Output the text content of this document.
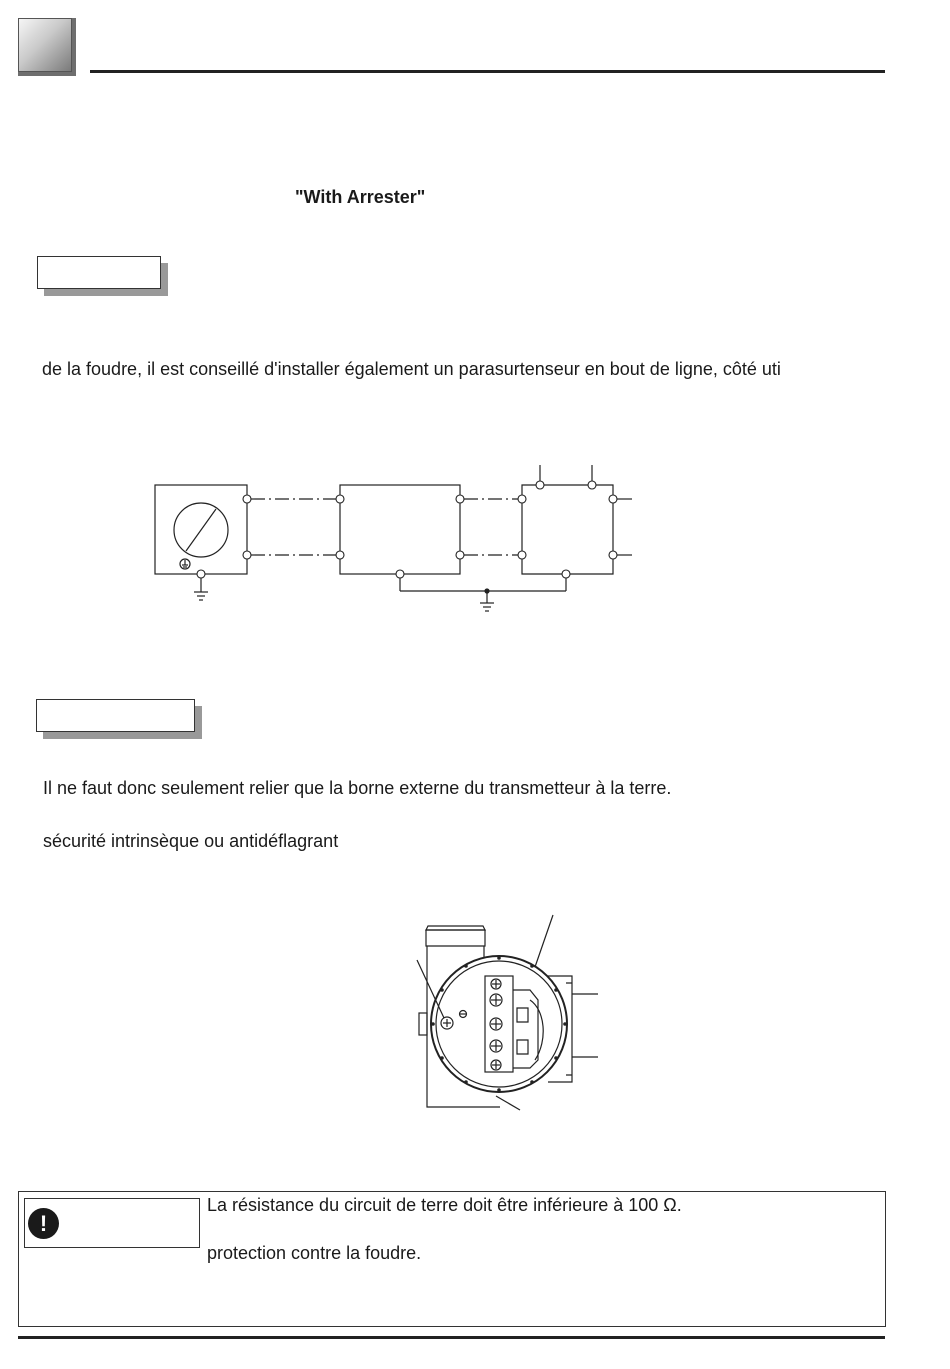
"With Arrester"
de la foudre, il est conseillé d'installer également un parasurtenseur en bout de ligne, côté uti
Il ne faut donc seulement relier que la borne externe du transmetteur à la terre.
sécurité intrinsèque ou antidéflagrant
!
La résistance du circuit de terre doit être inférieure à 100 Ω.
protection contre la foudre.
